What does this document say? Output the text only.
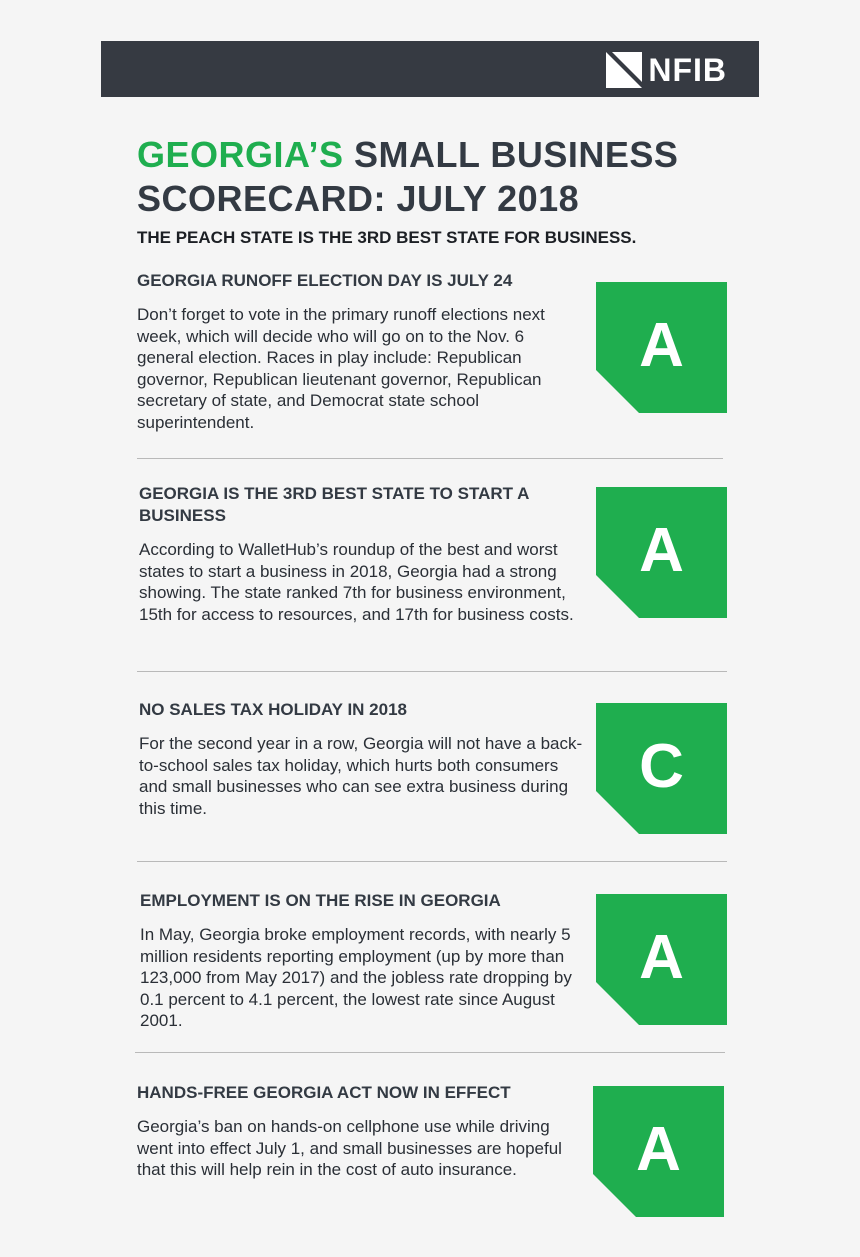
NFIB
GEORGIA’S SMALL BUSINESS SCORECARD: JULY 2018

THE PEACH STATE IS THE 3RD BEST STATE FOR BUSINESS.

GEORGIA RUNOFF ELECTION DAY IS JULY 24

Don’t forget to vote in the primary runoff elections next week, which will decide who will go on to the Nov. 6 general election. Races in play include: Republican governor, Republican lieutenant governor, Republican secretary of state, and Democrat state school superintendent.

A

GEORGIA IS THE 3RD BEST STATE TO START A BUSINESS

According to WalletHub’s roundup of the best and worst states to start a business in 2018, Georgia had a strong showing. The state ranked 7th for business environment, 15th for access to resources, and 17th for business costs.

A

NO SALES TAX HOLIDAY IN 2018

For the second year in a row, Georgia will not have a back-to-school sales tax holiday, which hurts both consumers and small businesses who can see extra business during this time.

C

EMPLOYMENT IS ON THE RISE IN GEORGIA

In May, Georgia broke employment records, with nearly 5 million residents reporting employment (up by more than 123,000 from May 2017) and the jobless rate dropping by 0.1 percent to 4.1 percent, the lowest rate since August 2001.

A

HANDS-FREE GEORGIA ACT NOW IN EFFECT

Georgia’s ban on hands-on cellphone use while driving went into effect July 1, and small businesses are hopeful that this will help rein in the cost of auto insurance.	A
